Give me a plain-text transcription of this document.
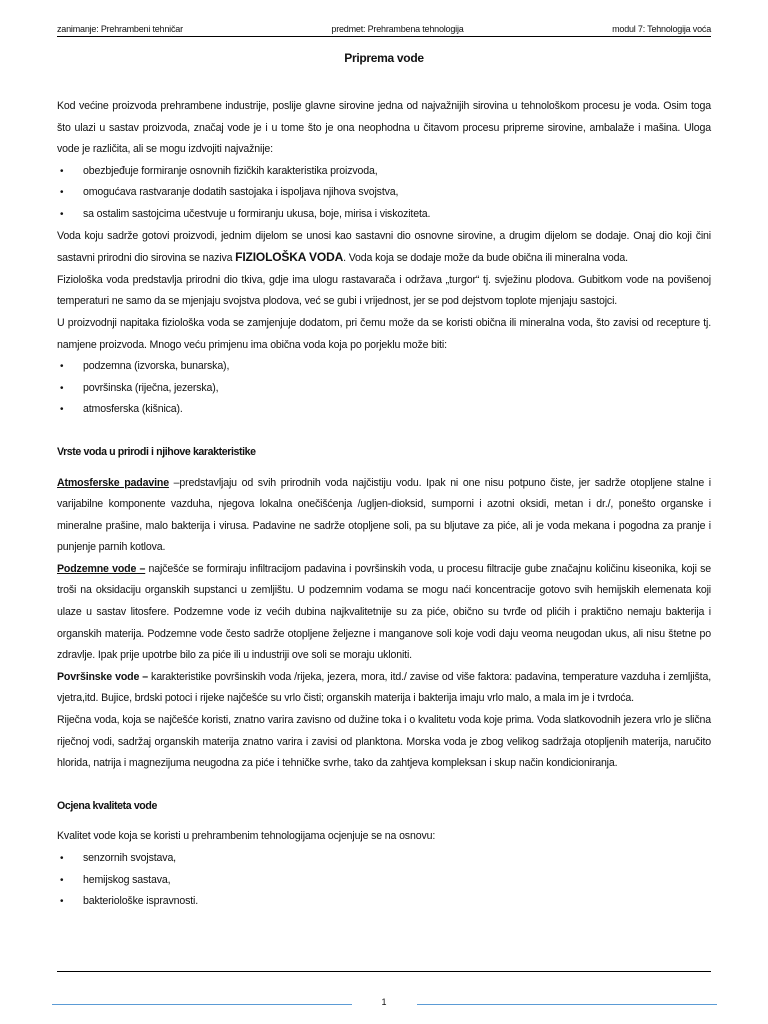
zanimanje: Prehrambeni tehničar	predmet: Prehrambena tehnologija	modul 7: Tehnologija voća
Priprema vode

Kod većine proizvoda prehrambene industrije, poslije glavne sirovine jedna od najvažnijih sirovina u tehnološkom procesu je voda. Osim toga što ulazi u sastav proizvoda, značaj vode je i u tome što je ona neophodna u čitavom procesu pripreme sirovine, ambalaže i mašina. Uloga vode je različita, ali se mogu izdvojiti najvažnije:

• obezbjeđuje formiranje osnovnih fizičkih karakteristika proizvoda,
• omogućava rastvaranje dodatih sastojaka i ispoljava njihova svojstva,
• sa ostalim sastojcima učestvuje u formiranju ukusa, boje, mirisa i viskoziteta.

Voda koju sadrže gotovi proizvodi, jednim dijelom se unosi kao sastavni dio osnovne sirovine, a drugim dijelom se dodaje. Onaj dio koji čini sastavni prirodni dio sirovina se naziva FIZIOLOŠKA VODA. Voda koja se dodaje može da bude obična ili mineralna voda.

Fiziološka voda predstavlja prirodni dio tkiva, gdje ima ulogu rastavarača i održava „turgor“ tj. svježinu plodova. Gubitkom vode na povišenoj temperaturi ne samo da se mjenjaju svojstva plodova, već se gubi i vrijednost, jer se pod dejstvom toplote mjenjaju sastojci.

U proizvodnji napitaka fiziološka voda se zamjenjuje dodatom, pri čemu može da se koristi obična ili mineralna voda, što zavisi od recepture tj. namjene proizvoda. Mnogo veću primjenu ima obična voda koja po porjeklu može biti:

• podzemna (izvorska, bunarska),
• površinska (riječna, jezerska),
• atmosferska (kišnica).
Vrste voda u prirodi i njihove karakteristike

Atmosferske padavine –predstavljaju od svih prirodnih voda najčistiju vodu. Ipak ni one nisu potpuno čiste, jer sadrže otopljene stalne i varijabilne komponente vazduha, njegova lokalna onečišćenja /ugljen-dioksid, sumporni i azotni oksidi, metan i dr./, ponešto organske i mineralne prašine, malo bakterija i virusa. Padavine ne sadrže otopljene soli, pa su bljutave za piće, ali je voda mekana i pogodna za pranje i punjenje parnih kotlova.

Podzemne vode – najčešće se formiraju infiltracijom padavina i površinskih voda, u procesu filtracije gube značajnu količinu kiseonika, koji se troši na oksidaciju organskih supstanci u zemljištu. U podzemnim vodama se mogu naći koncentracije gotovo svih hemijskih elemenata koji ulaze u sastav litosfere. Podzemne vode iz većih dubina najkvalitetnije su za piće, obično su tvrđe od plićih i praktično nemaju bakterija i organskih materija. Podzemne vode često sadrže otopljene željezne i manganove soli koje vodi daju veoma neugodan ukus, ali nisu štetne po zdravlje. Ipak prije upotrbe bilo za piće ili u industriji ove soli se moraju ukloniti.

Površinske vode – karakteristike površinskih voda /rijeka, jezera, mora, itd./ zavise od više faktora: padavina, temperature vazduha i zemljišta, vjetra,itd. Bujice, brdski potoci i rijeke najčešće su vrlo čisti; organskih materija i bakterija imaju vrlo malo, a mala im je i tvrdoća.

Riječna voda, koja se najčešće koristi, znatno varira zavisno od dužine toka i o kvalitetu voda koje prima. Voda slatkovodnih jezera vrlo je slična riječnoj vodi, sadržaj organskih materija znatno varira i zavisi od planktona. Morska voda je zbog velikog sadržaja otopljenih materija, naručito hlorida, natrija i magnezijuma neugodna za piće i tehničke svrhe, tako da zahtjeva kompleksan i skup način kondicioniranja.

Ocjena kvaliteta vode

Kvalitet vode koja se koristi u prehrambenim tehnologijama ocjenjuje se na osnovu:

• senzornih svojstava,
• hemijskog sastava,
• bakteriološke ispravnosti.
1
